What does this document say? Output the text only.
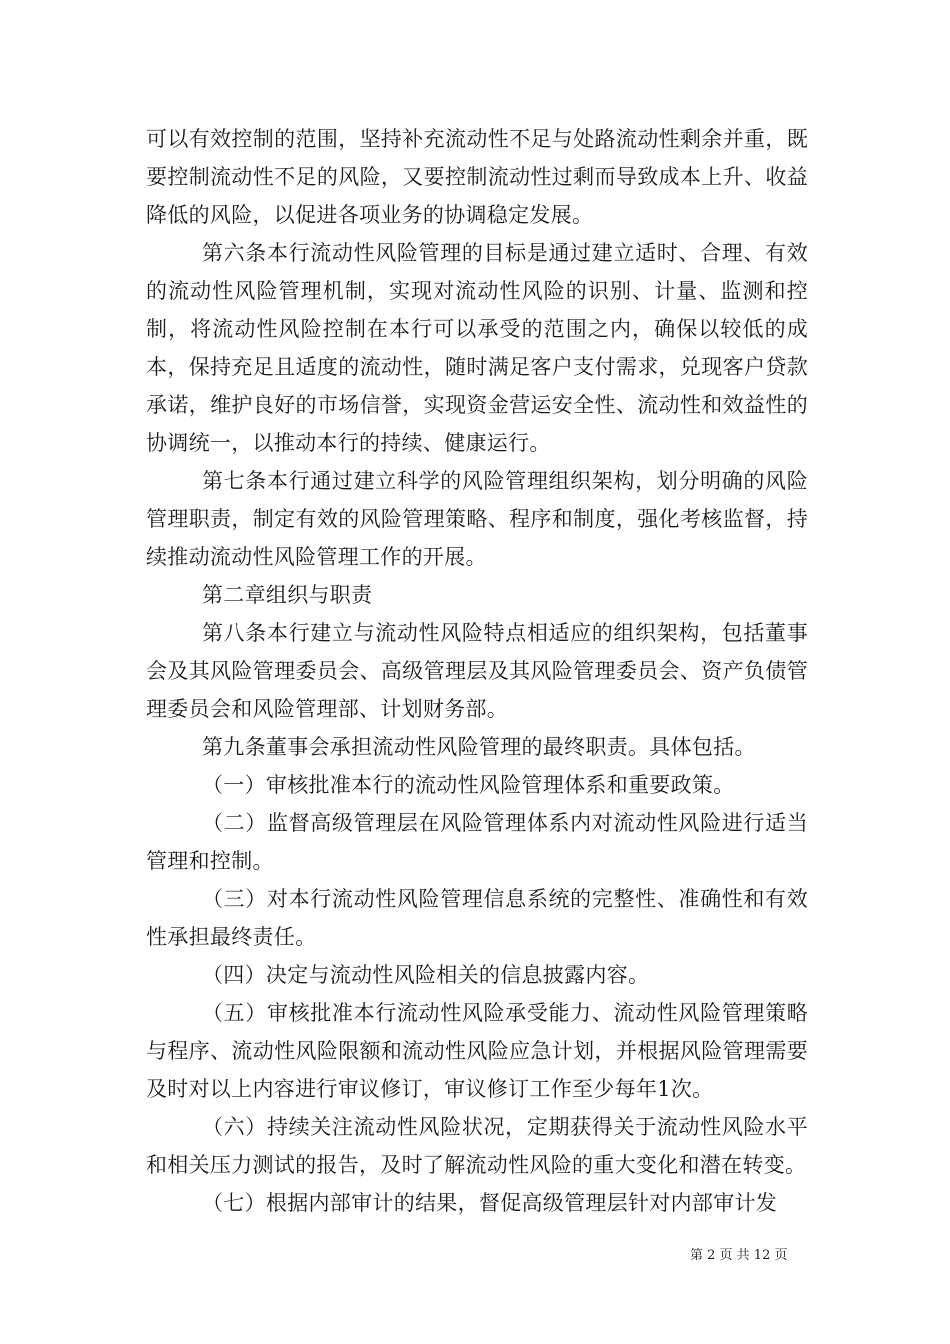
可以有效控制的范围，坚持补充流动性不足与处路流动性剩余并重，既要控制流动性不足的风险，又要控制流动性过剩而导致成本上升、收益降低的风险，以促进各项业务的协调稳定发展。

第六条本行流动性风险管理的目标是通过建立适时、合理、有效的流动性风险管理机制，实现对流动性风险的识别、计量、监测和控制，将流动性风险控制在本行可以承受的范围之内，确保以较低的成本，保持充足且适度的流动性，随时满足客户支付需求，兑现客户贷款承诺，维护良好的市场信誉，实现资金营运安全性、流动性和效益性的协调统一，以推动本行的持续、健康运行。

第七条本行通过建立科学的风险管理组织架构，划分明确的风险管理职责，制定有效的风险管理策略、程序和制度，强化考核监督，持续推动流动性风险管理工作的开展。

第二章组织与职责

第八条本行建立与流动性风险特点相适应的组织架构，包括董事会及其风险管理委员会、高级管理层及其风险管理委员会、资产负债管理委员会和风险管理部、计划财务部。

第九条董事会承担流动性风险管理的最终职责。具体包括。

（一）审核批准本行的流动性风险管理体系和重要政策。

（二）监督高级管理层在风险管理体系内对流动性风险进行适当管理和控制。

（三）对本行流动性风险管理信息系统的完整性、准确性和有效性承担最终责任。

（四）决定与流动性风险相关的信息披露内容。

（五）审核批准本行流动性风险承受能力、流动性风险管理策略与程序、流动性风险限额和流动性风险应急计划，并根据风险管理需要及时对以上内容进行审议修订，审议修订工作至少每年1次。

（六）持续关注流动性风险状况，定期获得关于流动性风险水平和相关压力测试的报告，及时了解流动性风险的重大变化和潜在转变。

（七）根据内部审计的结果，督促高级管理层针对内部审计发

第 2 页 共 12 页
